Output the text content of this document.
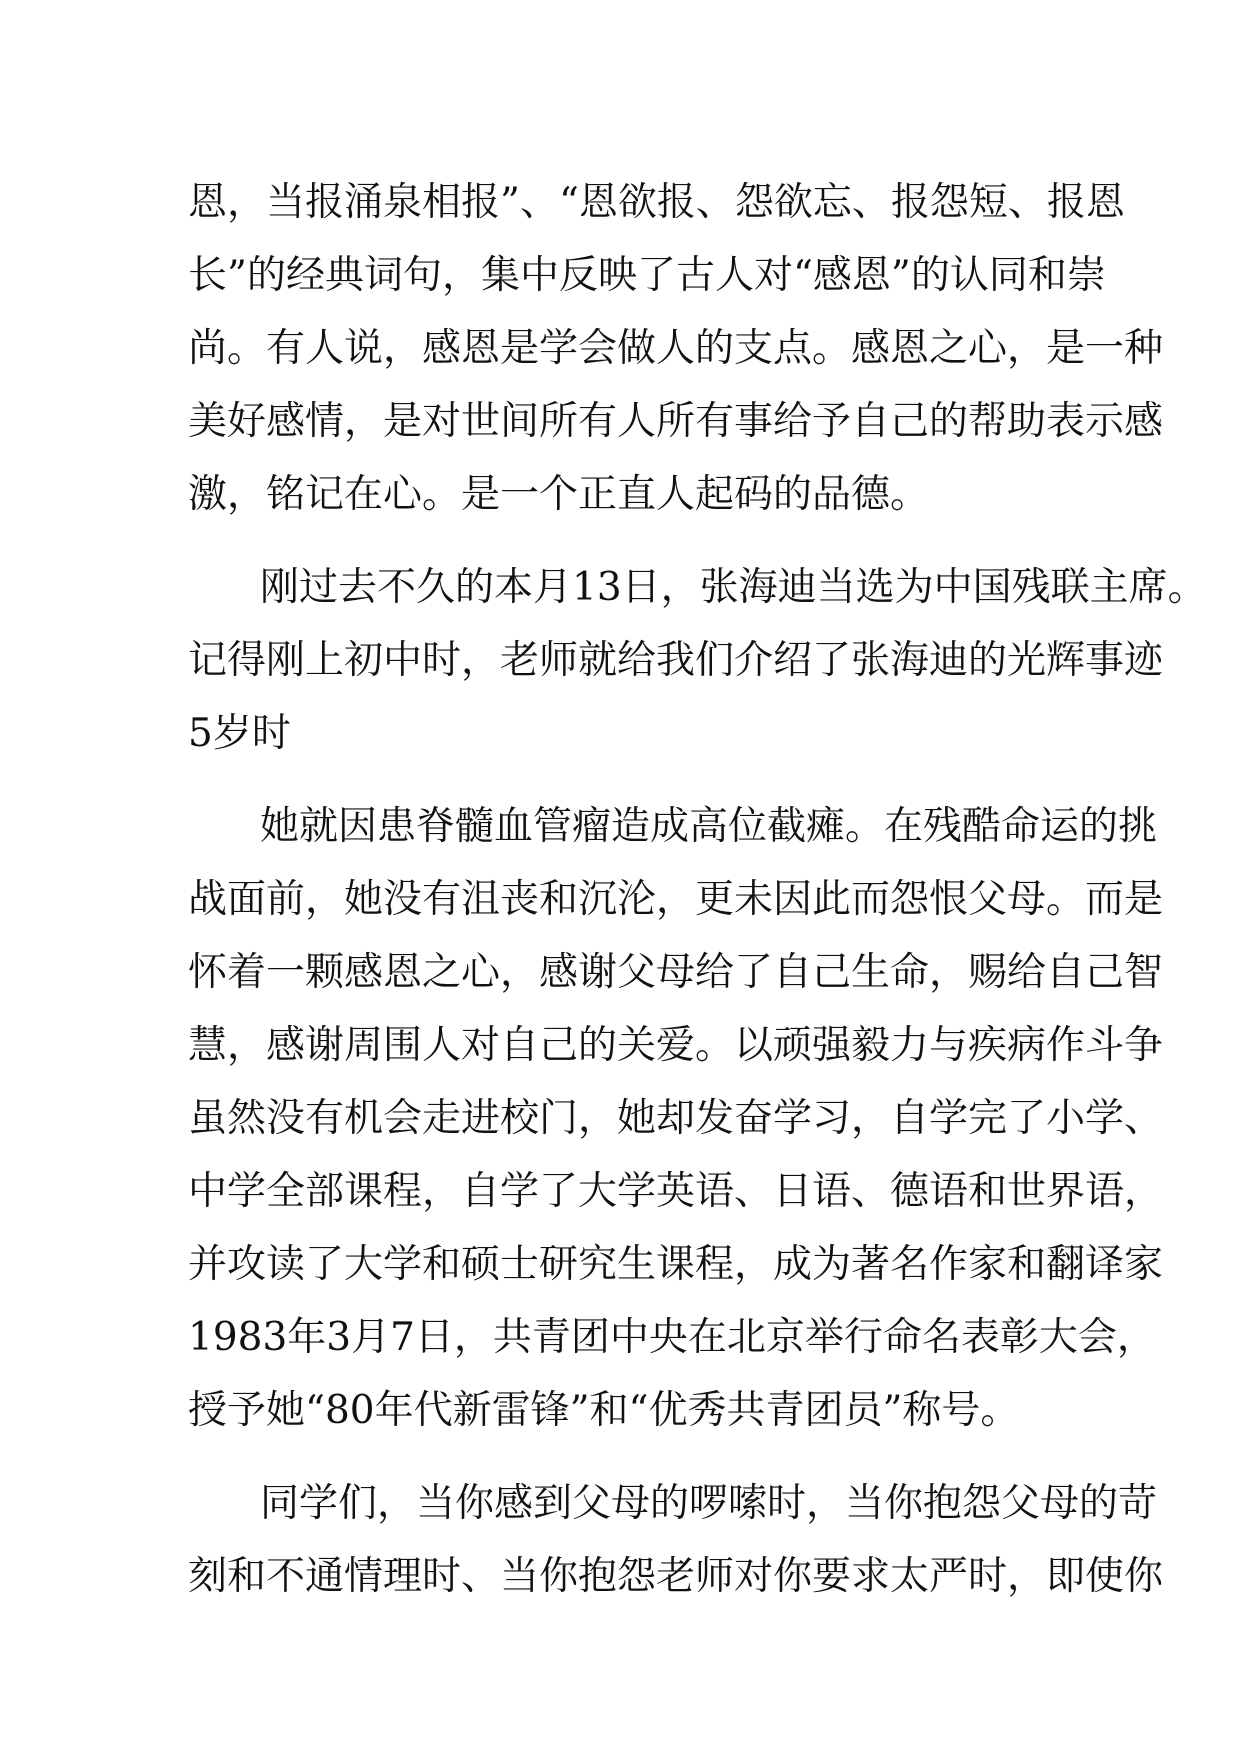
恩，当报涌泉相报”、“恩欲报、怨欲忘、报怨短、报恩
长”的经典词句，集中反映了古人对“感恩”的认同和崇
尚。有人说，感恩是学会做人的支点。感恩之心，是一种
美好感情，是对世间所有人所有事给予自己的帮助表示感
激，铭记在心。是一个正直人起码的品德。
刚过去不久的本月13日，张海迪当选为中国残联主席。
记得刚上初中时，老师就给我们介绍了张海迪的光辉事迹
5岁时
她就因患脊髓血管瘤造成高位截瘫。在残酷命运的挑
战面前，她没有沮丧和沉沦，更未因此而怨恨父母。而是
怀着一颗感恩之心，感谢父母给了自己生命，赐给自己智
慧，感谢周围人对自己的关爱。以顽强毅力与疾病作斗争
虽然没有机会走进校门，她却发奋学习，自学完了小学、
中学全部课程，自学了大学英语、日语、德语和世界语，
并攻读了大学和硕士研究生课程，成为著名作家和翻译家
1983年3月7日，共青团中央在北京举行命名表彰大会，
授予她“80年代新雷锋”和“优秀共青团员”称号。
同学们，当你感到父母的啰嗦时，当你抱怨父母的苛
刻和不通情理时、当你抱怨老师对你要求太严时，即使你
